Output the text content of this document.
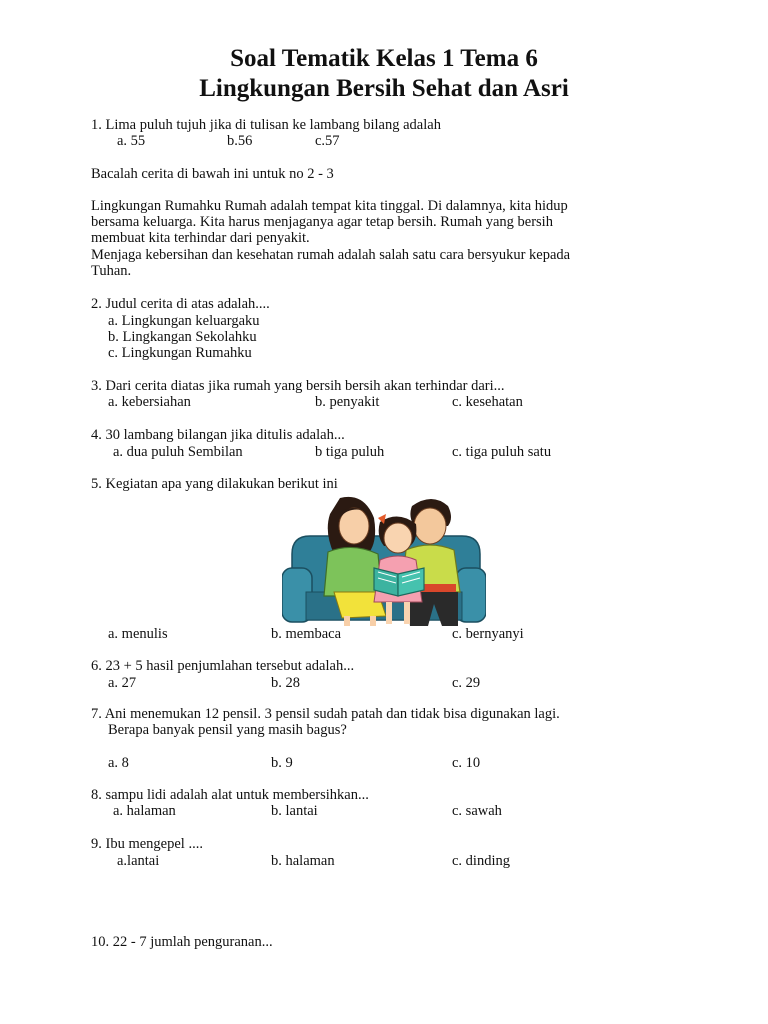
Soal Tematik Kelas 1 Tema 6
Lingkungan Bersih Sehat dan Asri
1. Lima puluh tujuh jika di tulisan ke lambang bilang adalah
a. 55	b.56	c.57
Bacalah cerita di bawah ini untuk no 2 - 3
Lingkungan Rumahku Rumah adalah tempat kita tinggal. Di dalamnya, kita hidup
bersama keluarga. Kita harus menjaganya agar tetap bersih. Rumah yang bersih
membuat kita terhindar dari penyakit.
Menjaga kebersihan dan kesehatan rumah adalah salah satu cara bersyukur kepada
Tuhan.
2. Judul cerita di atas adalah....
a. Lingkungan keluargaku
b. Lingkangan Sekolahku
c. Lingkungan Rumahku
3. Dari cerita diatas jika rumah yang bersih bersih akan terhindar dari...
a. kebersiahan	b. penyakit	c. kesehatan
4. 30 lambang bilangan jika ditulis adalah...
a. dua puluh Sembilan	b tiga puluh	c. tiga puluh satu
5. Kegiatan apa yang dilakukan berikut ini
a. menulis	b. membaca	c. bernyanyi
6. 23 + 5 hasil penjumlahan tersebut adalah...
a. 27	b. 28	c. 29
7. Ani menemukan 12 pensil. 3 pensil sudah patah dan tidak bisa digunakan lagi.
Berapa banyak pensil yang masih bagus?
a. 8	b. 9	c. 10
8. sampu lidi adalah alat untuk membersihkan...
a. halaman	b. lantai	c. sawah
9. Ibu mengepel ....
a.lantai	b. halaman	c. dinding
10. 22 - 7 jumlah penguranan...
